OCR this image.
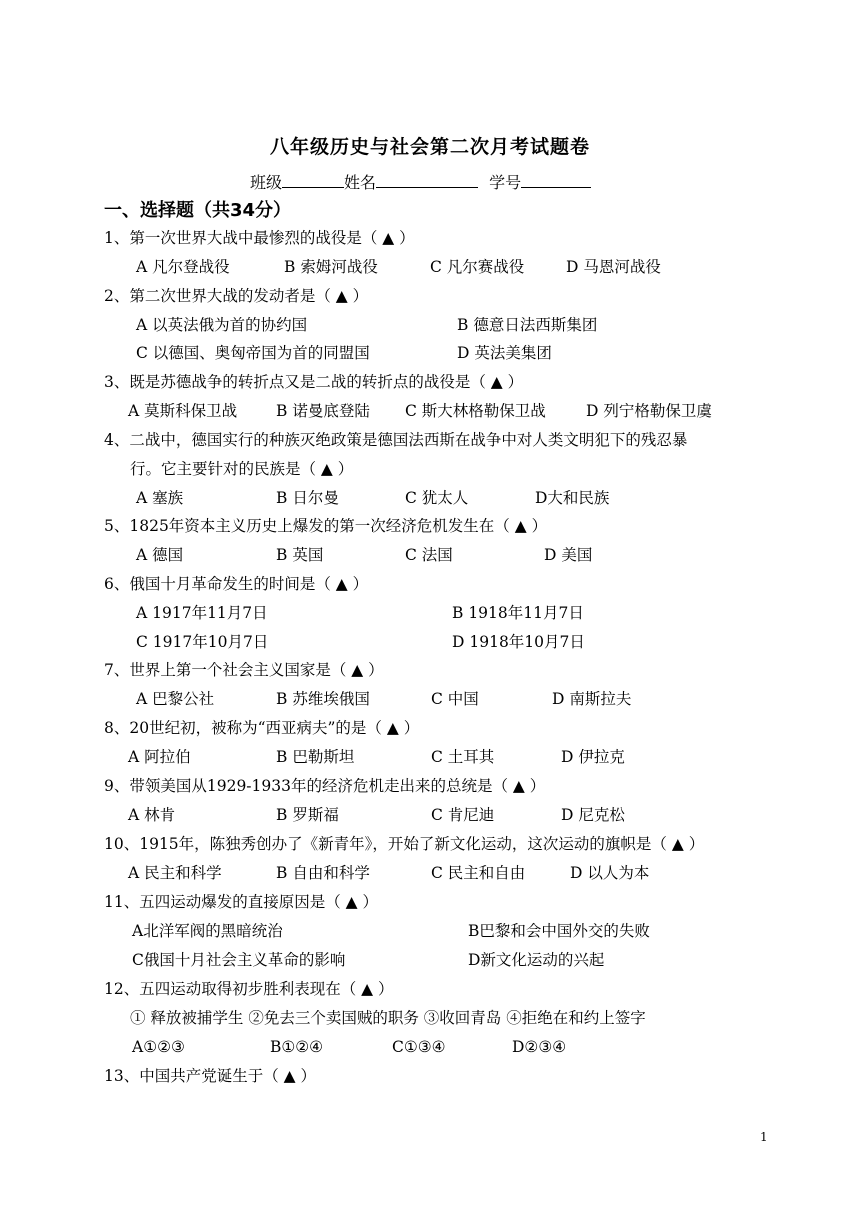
八年级历史与社会第二次月考试题卷
班级	姓名	学号
一、选择题（共34分）
1、第一次世界大战中最惨烈的战役是（ ▲ ）
A 凡尔登战役	B 索姆河战役	C 凡尔赛战役	D 马恩河战役
2、第二次世界大战的发动者是（ ▲ ）
A 以英法俄为首的协约国	B 德意日法西斯集团
C 以德国、奥匈帝国为首的同盟国	D 英法美集团
3、既是苏德战争的转折点又是二战的转折点的战役是（ ▲ ）
A 莫斯科保卫战	B 诺曼底登陆 C 斯大林格勒保卫战	D 列宁格勒保卫虞
4、二战中，德国实行的种族灭绝政策是德国法西斯在战争中对人类文明犯下的残忍暴
行。它主要针对的民族是（ ▲ ）
A 塞族	B 日尔曼	C 犹太人	D大和民族
5、1825年资本主义历史上爆发的第一次经济危机发生在（ ▲ ）
A 德国	B 英国	C 法国	D 美国
6、俄国十月革命发生的时间是（ ▲ ）
A 1917年11月7日	B 1918年11月7日
C 1917年10月7日	D 1918年10月7日
7、世界上第一个社会主义国家是（ ▲ ）
A 巴黎公社	B 苏维埃俄国	C 中国	D 南斯拉夫
8、20世纪初，被称为“西亚病夫”的是（ ▲ ）
A 阿拉伯	B 巴勒斯坦	C 土耳其	D 伊拉克
9、带领美国从1929-1933年的经济危机走出来的总统是（ ▲ ）
A 林肯	B 罗斯福	C 肯尼迪	D 尼克松
10、1915年，陈独秀创办了《新青年》，开始了新文化运动，这次运动的旗帜是（ ▲ ）
A 民主和科学	B 自由和科学	C 民主和自由	D 以人为本
11、五四运动爆发的直接原因是（ ▲ ）
A北洋军阀的黑暗统治	B巴黎和会中国外交的失败
C俄国十月社会主义革命的影响	D新文化运动的兴起
12、五四运动取得初步胜利表现在（ ▲ ）
① 释放被捕学生 ②免去三个卖国贼的职务 ③收回青岛 ④拒绝在和约上签字
A①②③	B①②④	C①③④	D②③④
13、中国共产党诞生于（ ▲ ）
1
